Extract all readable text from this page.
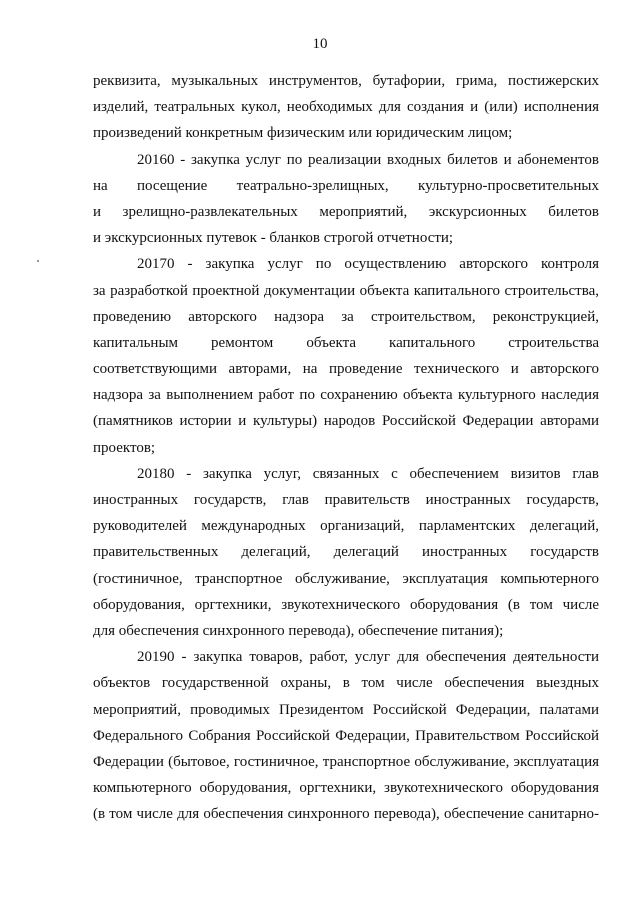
10
реквизита, музыкальных инструментов, бутафории, грима, постижерских
изделий, театральных кукол, необходимых для создания и (или) исполнения
произведений конкретным физическим или юридическим лицом;
20160 - закупка услуг по реализации входных билетов и абонементов
на посещение театрально-зрелищных, культурно-просветительных
и зрелищно-развлекательных мероприятий, экскурсионных билетов
и экскурсионных путевок - бланков строгой отчетности;
20170 - закупка услуг по осуществлению авторского контроля
за разработкой проектной документации объекта капитального строительства,
проведению авторского надзора за строительством, реконструкцией,
капитальным ремонтом объекта капитального строительства
соответствующими авторами, на проведение технического и авторского
надзора за выполнением работ по сохранению объекта культурного наследия
(памятников истории и культуры) народов Российской Федерации авторами
проектов;
20180 - закупка услуг, связанных с обеспечением визитов глав
иностранных государств, глав правительств иностранных государств,
руководителей международных организаций, парламентских делегаций,
правительственных делегаций, делегаций иностранных государств
(гостиничное, транспортное обслуживание, эксплуатация компьютерного
оборудования, оргтехники, звукотехнического оборудования (в том числе
для обеспечения синхронного перевода), обеспечение питания);
20190 - закупка товаров, работ, услуг для обеспечения деятельности
объектов государственной охраны, в том числе обеспечения выездных
мероприятий, проводимых Президентом Российской Федерации, палатами
Федерального Собрания Российской Федерации, Правительством Российской
Федерации (бытовое, гостиничное, транспортное обслуживание, эксплуатация
компьютерного оборудования, оргтехники, звукотехнического оборудования
(в том числе для обеспечения синхронного перевода), обеспечение санитарно-
